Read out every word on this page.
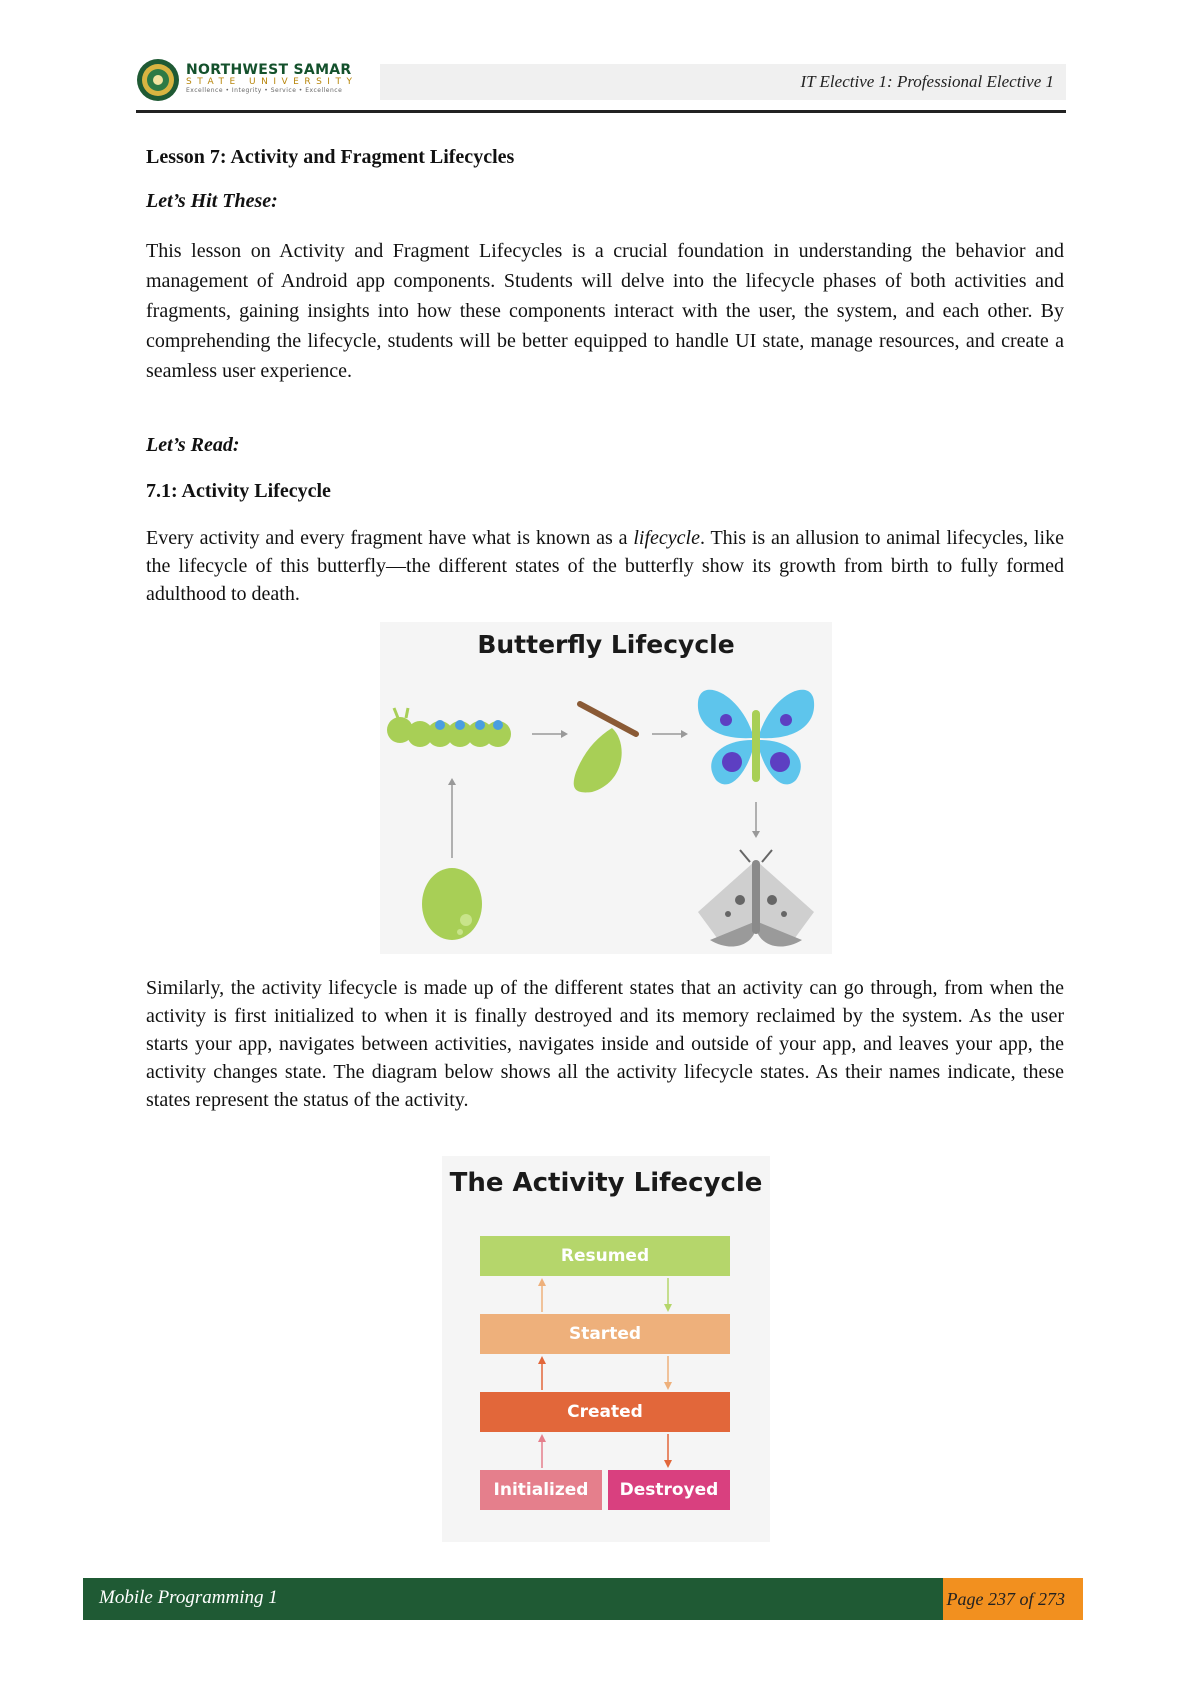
NORTHWEST SAMAR
STATE UNIVERSITY
Excellence • Integrity • Service • Excellence	IT Elective 1: Professional Elective 1
Lesson 7: Activity and Fragment Lifecycles
Let’s Hit These:
This lesson on Activity and Fragment Lifecycles is a crucial foundation in understanding the behavior and management of Android app components. Students will delve into the lifecycle phases of both activities and fragments, gaining insights into how these components interact with the user, the system, and each other. By comprehending the lifecycle, students will be better equipped to handle UI state, manage resources, and create a seamless user experience.
Let’s Read:
7.1: Activity Lifecycle
Every activity and every fragment have what is known as a lifecycle. This is an allusion to animal lifecycles, like the lifecycle of this butterfly—the different states of the butterfly show its growth from birth to fully formed adulthood to death.
Butterfly Lifecycle
Similarly, the activity lifecycle is made up of the different states that an activity can go through, from when the activity is first initialized to when it is finally destroyed and its memory reclaimed by the system. As the user starts your app, navigates between activities, navigates inside and outside of your app, and leaves your app, the activity changes state. The diagram below shows all the activity lifecycle states. As their names indicate, these states represent the status of the activity.
The Activity Lifecycle
Resumed
Started
Created
Initialized	Destroyed
Mobile Programming 1	Page 237 of 273
